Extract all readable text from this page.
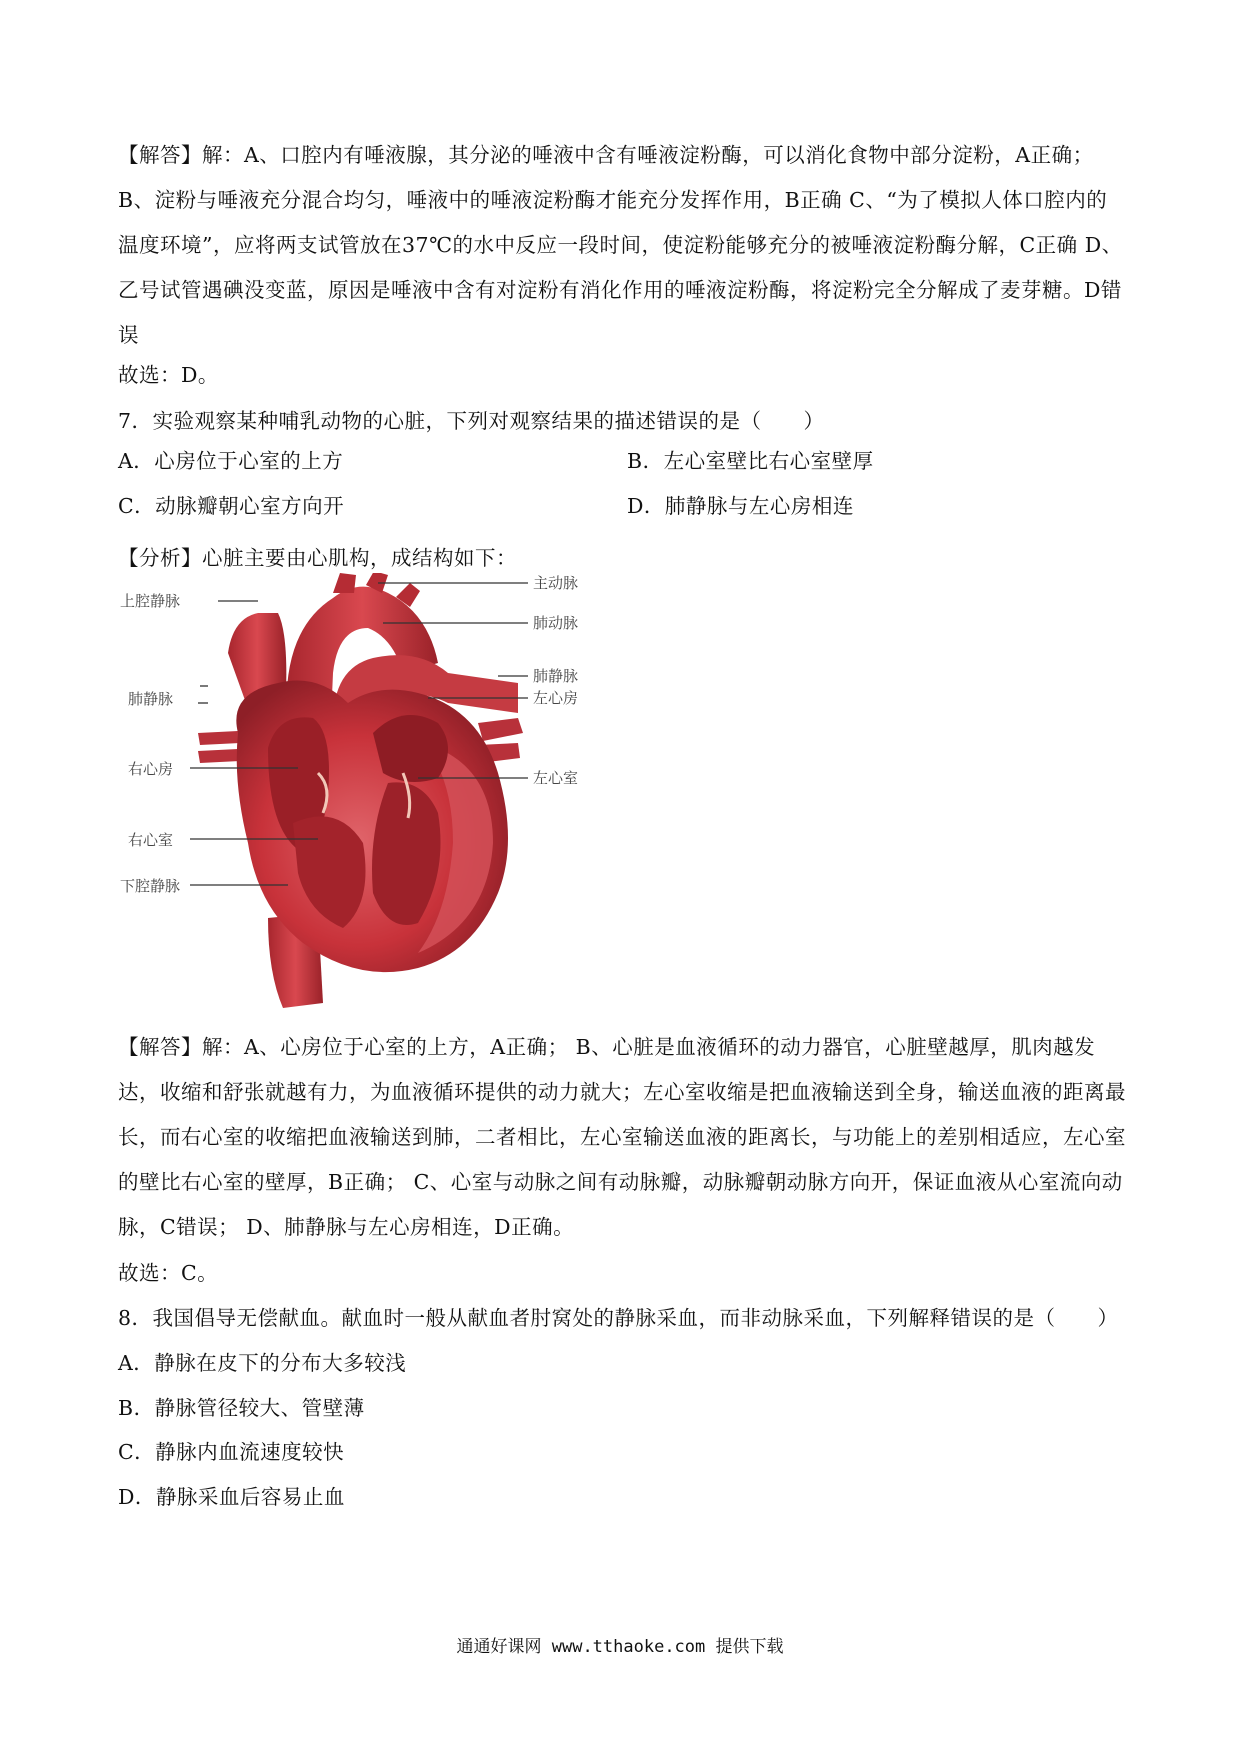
【解答】解：A、口腔内有唾液腺，其分泌的唾液中含有唾液淀粉酶，可以消化食物中部分淀粉，A正确；B、淀粉与唾液充分混合均匀，唾液中的唾液淀粉酶才能充分发挥作用，B正确 C、“为了模拟人体口腔内的温度环境”，应将两支试管放在37℃的水中反应一段时间，使淀粉能够充分的被唾液淀粉酶分解，C正确 D、乙号试管遇碘没变蓝，原因是唾液中含有对淀粉有消化作用的唾液淀粉酶，将淀粉完全分解成了麦芽糖。D错误

故选：D。
7．实验观察某种哺乳动物的心脏，下列对观察结果的描述错误的是（　　）
A．心房位于心室的上方	B．左心室壁比右心室壁厚
C．动脉瓣朝心室方向开	D．肺静脉与左心房相连
【分析】心脏主要由心肌构，成结构如下：
上腔静脉
肺静脉
右心房
右心室
下腔静脉
主动脉
肺动脉
肺静脉
左心房
左心室

【解答】解：A、心房位于心室的上方，A正确； B、心脏是血液循环的动力器官，心脏壁越厚，肌肉越发达，收缩和舒张就越有力，为血液循环提供的动力就大；左心室收缩是把血液输送到全身，输送血液的距离最长，而右心室的收缩把血液输送到肺，二者相比，左心室输送血液的距离长，与功能上的差别相适应，左心室的壁比右心室的壁厚，B正确； C、心室与动脉之间有动脉瓣，动脉瓣朝动脉方向开，保证血液从心室流向动脉，C错误； D、肺静脉与左心房相连，D正确。

故选：C。
8．我国倡导无偿献血。献血时一般从献血者肘窝处的静脉采血，而非动脉采血，下列解释错误的是（　　）
A．静脉在皮下的分布大多较浅
B．静脉管径较大、管壁薄
C．静脉内血流速度较快
D．静脉采血后容易止血
通通好课网 www.tthaoke.com 提供下载
